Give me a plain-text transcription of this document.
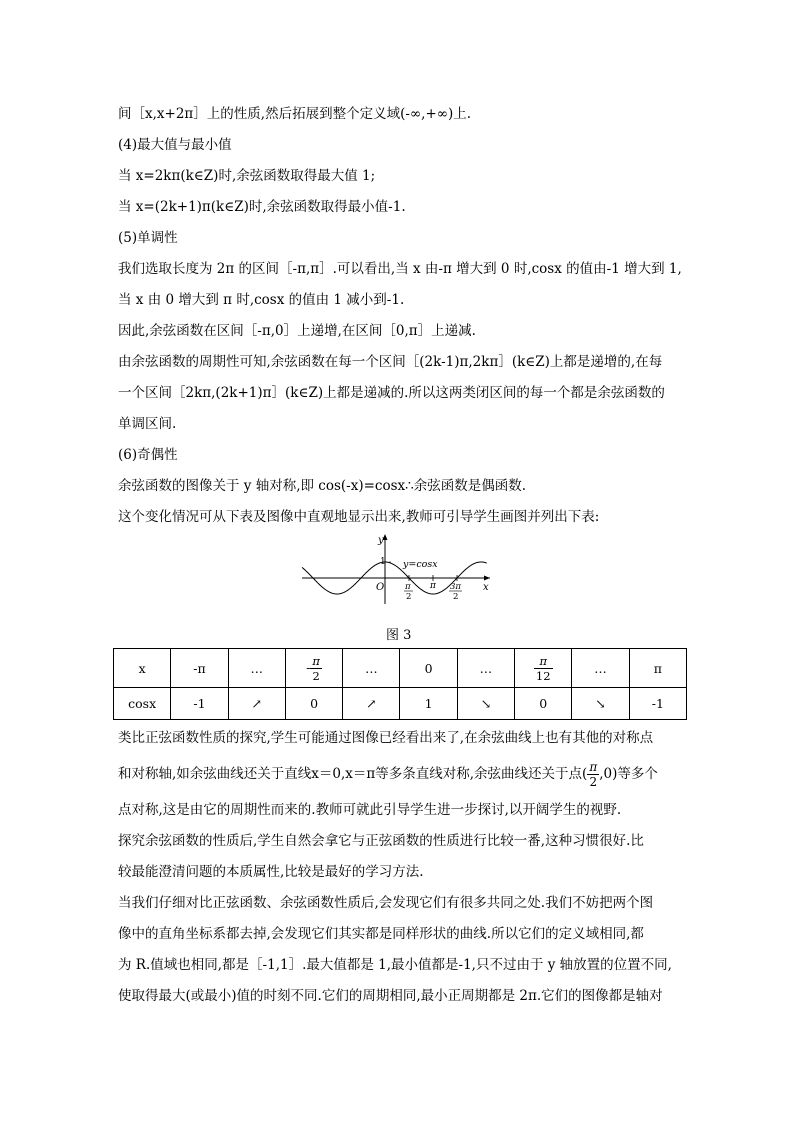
间［x,x+2π］上的性质,然后拓展到整个定义域(-∞,+∞)上.
(4)最大值与最小值
当 x=2kπ(k∈Z)时,余弦函数取得最大值 1;
当 x=(2k+1)π(k∈Z)时,余弦函数取得最小值-1.
(5)单调性
我们选取长度为 2π 的区间［-π,π］.可以看出,当 x 由-π 增大到 0 时,cosx 的值由-1 增大到 1,
当 x 由 0 增大到 π 时,cosx 的值由 1 减小到-1.
因此,余弦函数在区间［-π,0］上递增,在区间［0,π］上递减.
由余弦函数的周期性可知,余弦函数在每一个区间［(2k-1)π,2kπ］(k∈Z)上都是递增的,在每
一个区间［2kπ,(2k+1)π］(k∈Z)上都是递减的.所以这两类闭区间的每一个都是余弦函数的
单调区间.
(6)奇偶性
余弦函数的图像关于 y 轴对称,即 cos(-x)=cosx∴余弦函数是偶函数.
这个变化情况可从下表及图像中直观地显示出来,教师可引导学生画图并列出下表:
y
1 y=cosx
O	x
π
2
π 3π
2
图 3
x	-π	…	- $\frac{\pi}{2}$	…	0	…	$\frac{\pi}{12}$	…	π
cosx	-1	↗	0	↗	1	↘	0	↘	-1
类比正弦函数性质的探究,学生可能通过图像已经看出来了,在余弦曲线上也有其他的对称点
和对称轴,如余弦曲线还关于直线x＝0,x＝π等多条直线对称,余弦曲线还关于点( $\frac{\pi}{2} ,0$)等多个
点对称,这是由它的周期性而来的.教师可就此引导学生进一步探讨,以开阔学生的视野.
探究余弦函数的性质后,学生自然会拿它与正弦函数的性质进行比较一番,这种习惯很好.比
较最能澄清问题的本质属性,比较是最好的学习方法.
当我们仔细对比正弦函数、余弦函数性质后,会发现它们有很多共同之处.我们不妨把两个图
像中的直角坐标系都去掉,会发现它们其实都是同样形状的曲线.所以它们的定义域相同,都
为 R.值域也相同,都是［-1,1］.最大值都是 1,最小值都是-1,只不过由于 y 轴放置的位置不同,
使取得最大(或最小)值的时刻不同.它们的周期相同,最小正周期都是 2π.它们的图像都是轴对
